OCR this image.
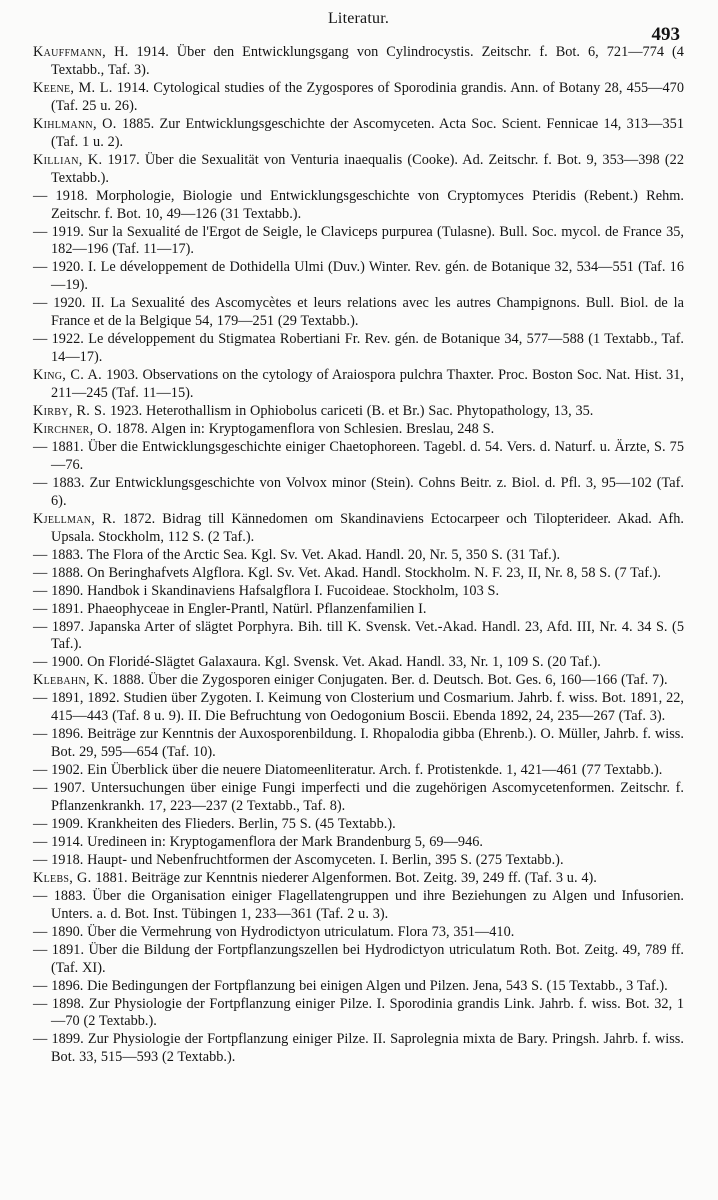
Literatur.
493
Kauffmann, H. 1914. Über den Entwicklungsgang von Cylindrocystis. Zeitschr. f. Bot. 6, 721—774 (4 Textabb., Taf. 3).
Keene, M. L. 1914. Cytological studies of the Zygospores of Sporodinia grandis. Ann. of Botany 28, 455—470 (Taf. 25 u. 26).
Kihlmann, O. 1885. Zur Entwicklungsgeschichte der Ascomyceten. Acta Soc. Scient. Fennicae 14, 313—351 (Taf. 1 u. 2).
Killian, K. 1917. Über die Sexualität von Venturia inaequalis (Cooke). Ad. Zeitschr. f. Bot. 9, 353—398 (22 Textabb.).
— 1918. Morphologie, Biologie und Entwicklungsgeschichte von Cryptomyces Pteridis (Rebent.) Rehm. Zeitschr. f. Bot. 10, 49—126 (31 Textabb.).
— 1919. Sur la Sexualité de l'Ergot de Seigle, le Claviceps purpurea (Tulasne). Bull. Soc. mycol. de France 35, 182—196 (Taf. 11—17).
— 1920. I. Le développement de Dothidella Ulmi (Duv.) Winter. Rev. gén. de Botanique 32, 534—551 (Taf. 16—19).
— 1920. II. La Sexualité des Ascomycètes et leurs relations avec les autres Champignons. Bull. Biol. de la France et de la Belgique 54, 179—251 (29 Textabb.).
— 1922. Le développement du Stigmatea Robertiani Fr. Rev. gén. de Botanique 34, 577—588 (1 Textabb., Taf. 14—17).
King, C. A. 1903. Observations on the cytology of Araiospora pulchra Thaxter. Proc. Boston Soc. Nat. Hist. 31, 211—245 (Taf. 11—15).
Kirby, R. S. 1923. Heterothallism in Ophiobolus cariceti (B. et Br.) Sac. Phytopathology, 13, 35.
Kirchner, O. 1878. Algen in: Kryptogamenflora von Schlesien. Breslau, 248 S.
— 1881. Über die Entwicklungsgeschichte einiger Chaetophoreen. Tagebl. d. 54. Vers. d. Naturf. u. Ärzte, S. 75—76.
— 1883. Zur Entwicklungsgeschichte von Volvox minor (Stein). Cohns Beitr. z. Biol. d. Pfl. 3, 95—102 (Taf. 6).
Kjellman, R. 1872. Bidrag till Kännedomen om Skandinaviens Ectocarpeer och Tilopterideer. Akad. Afh. Upsala. Stockholm, 112 S. (2 Taf.).
— 1883. The Flora of the Arctic Sea. Kgl. Sv. Vet. Akad. Handl. 20, Nr. 5, 350 S. (31 Taf.).
— 1888. On Beringhafvets Algflora. Kgl. Sv. Vet. Akad. Handl. Stockholm. N. F. 23, II, Nr. 8, 58 S. (7 Taf.).
— 1890. Handbok i Skandinaviens Hafsalgflora I. Fucoideae. Stockholm, 103 S.
— 1891. Phaeophyceae in Engler-Prantl, Natürl. Pflanzenfamilien I.
— 1897. Japanska Arter of slägtet Porphyra. Bih. till K. Svensk. Vet.-Akad. Handl. 23, Afd. III, Nr. 4. 34 S. (5 Taf.).
— 1900. On Floridé-Slägtet Galaxaura. Kgl. Svensk. Vet. Akad. Handl. 33, Nr. 1, 109 S. (20 Taf.).
Klebahn, K. 1888. Über die Zygosporen einiger Conjugaten. Ber. d. Deutsch. Bot. Ges. 6, 160—166 (Taf. 7).
— 1891, 1892. Studien über Zygoten. I. Keimung von Closterium und Cosmarium. Jahrb. f. wiss. Bot. 1891, 22, 415—443 (Taf. 8 u. 9). II. Die Befruchtung von Oedogonium Boscii. Ebenda 1892, 24, 235—267 (Taf. 3).
— 1896. Beiträge zur Kenntnis der Auxosporenbildung. I. Rhopalodia gibba (Ehrenb.). O. Müller, Jahrb. f. wiss. Bot. 29, 595—654 (Taf. 10).
— 1902. Ein Überblick über die neuere Diatomeenliteratur. Arch. f. Protistenkde. 1, 421—461 (77 Textabb.).
— 1907. Untersuchungen über einige Fungi imperfecti und die zugehörigen Ascomycetenformen. Zeitschr. f. Pflanzenkrankh. 17, 223—237 (2 Textabb., Taf. 8).
— 1909. Krankheiten des Flieders. Berlin, 75 S. (45 Textabb.).
— 1914. Uredineen in: Kryptogamenflora der Mark Brandenburg 5, 69—946.
— 1918. Haupt- und Nebenfruchtformen der Ascomyceten. I. Berlin, 395 S. (275 Textabb.).
Klebs, G. 1881. Beiträge zur Kenntnis niederer Algenformen. Bot. Zeitg. 39, 249 ff. (Taf. 3 u. 4).
— 1883. Über die Organisation einiger Flagellatengruppen und ihre Beziehungen zu Algen und Infusorien. Unters. a. d. Bot. Inst. Tübingen 1, 233—361 (Taf. 2 u. 3).
— 1890. Über die Vermehrung von Hydrodictyon utriculatum. Flora 73, 351—410.
— 1891. Über die Bildung der Fortpflanzungszellen bei Hydrodictyon utriculatum Roth. Bot. Zeitg. 49, 789 ff. (Taf. XI).
— 1896. Die Bedingungen der Fortpflanzung bei einigen Algen und Pilzen. Jena, 543 S. (15 Textabb., 3 Taf.).
— 1898. Zur Physiologie der Fortpflanzung einiger Pilze. I. Sporodinia grandis Link. Jahrb. f. wiss. Bot. 32, 1—70 (2 Textabb.).
— 1899. Zur Physiologie der Fortpflanzung einiger Pilze. II. Saprolegnia mixta de Bary. Pringsh. Jahrb. f. wiss. Bot. 33, 515—593 (2 Textabb.).
